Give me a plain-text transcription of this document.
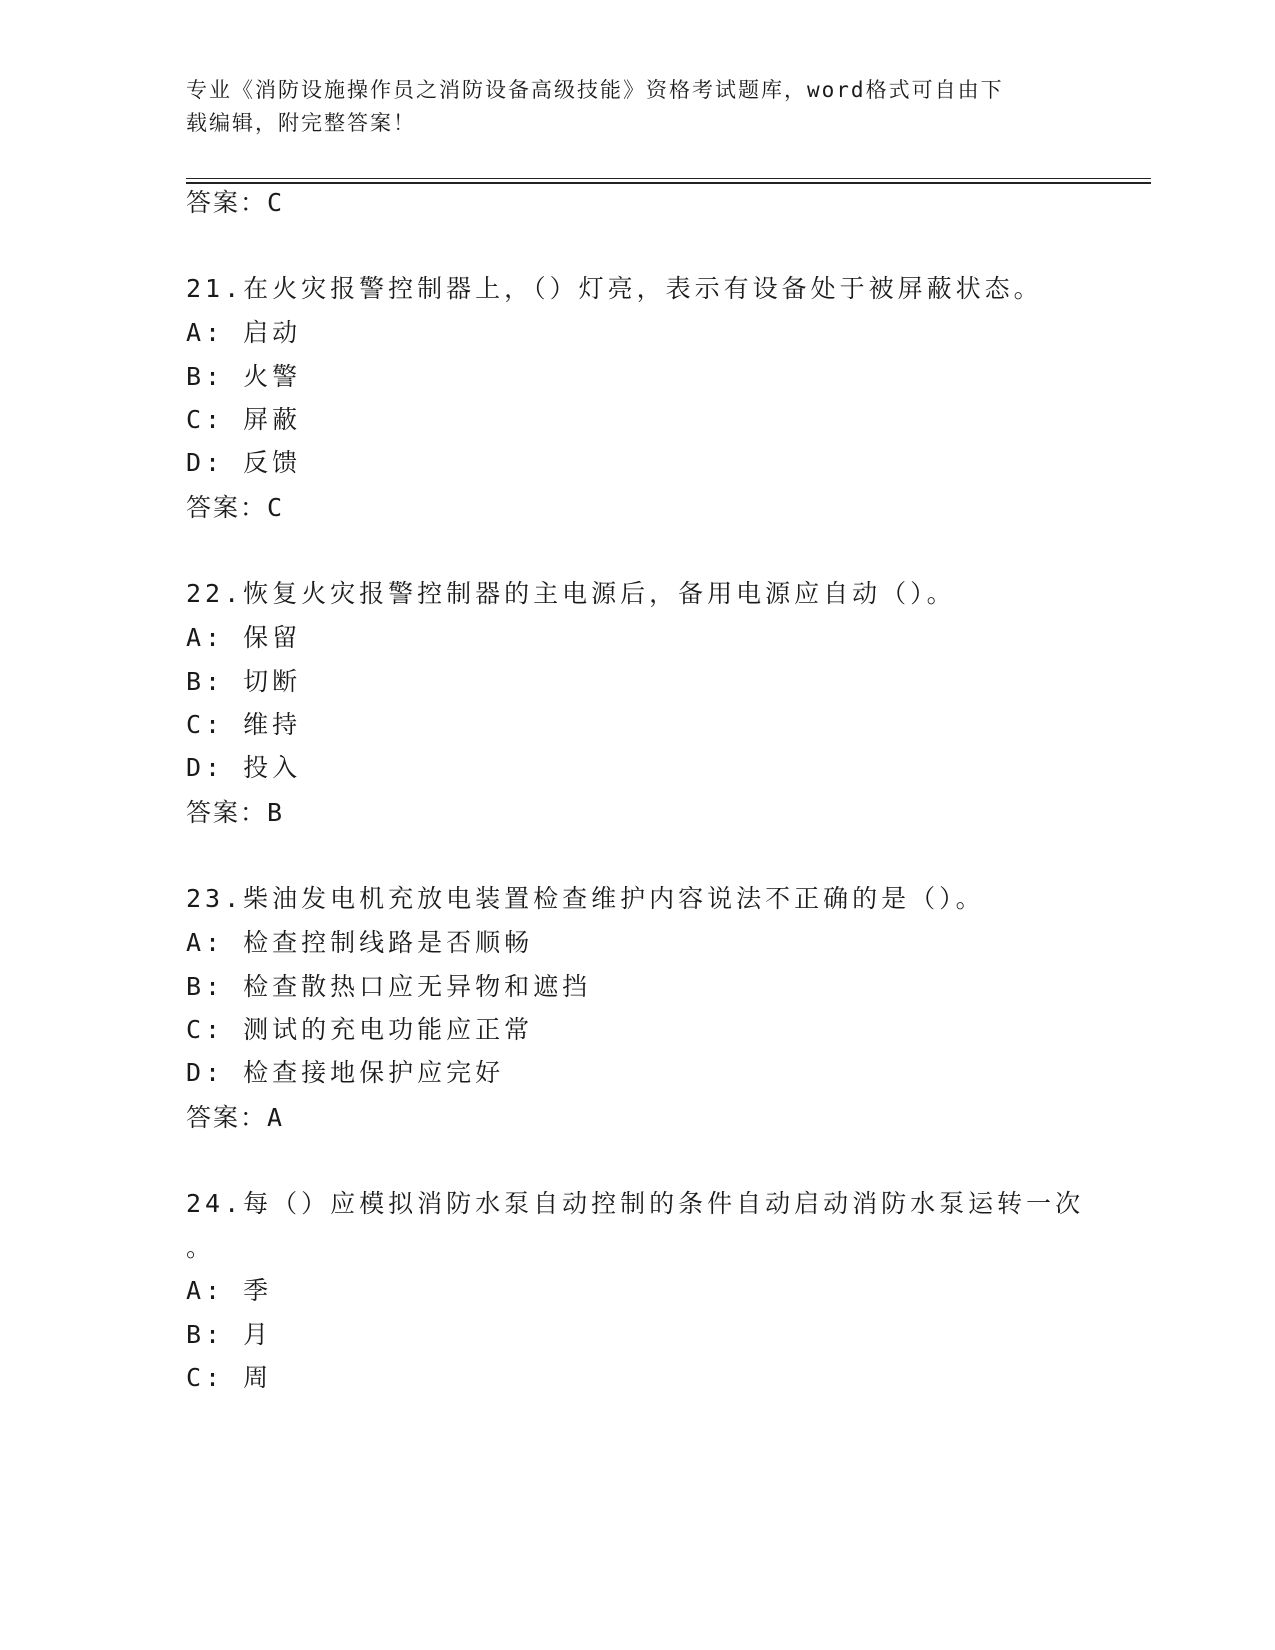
专业《消防设施操作员之消防设备高级技能》资格考试题库，word格式可自由下
载编辑，附完整答案！
答案：C
21.在火灾报警控制器上，（）灯亮，表示有设备处于被屏蔽状态。
A: 启动
B: 火警
C: 屏蔽
D: 反馈
答案：C
22.恢复火灾报警控制器的主电源后，备用电源应自动（）。
A: 保留
B: 切断
C: 维持
D: 投入
答案：B
23.柴油发电机充放电装置检查维护内容说法不正确的是（）。
A: 检查控制线路是否顺畅
B: 检查散热口应无异物和遮挡
C: 测试的充电功能应正常
D: 检查接地保护应完好
答案：A
24.每（）应模拟消防水泵自动控制的条件自动启动消防水泵运转一次
。
A: 季
B: 月
C: 周
